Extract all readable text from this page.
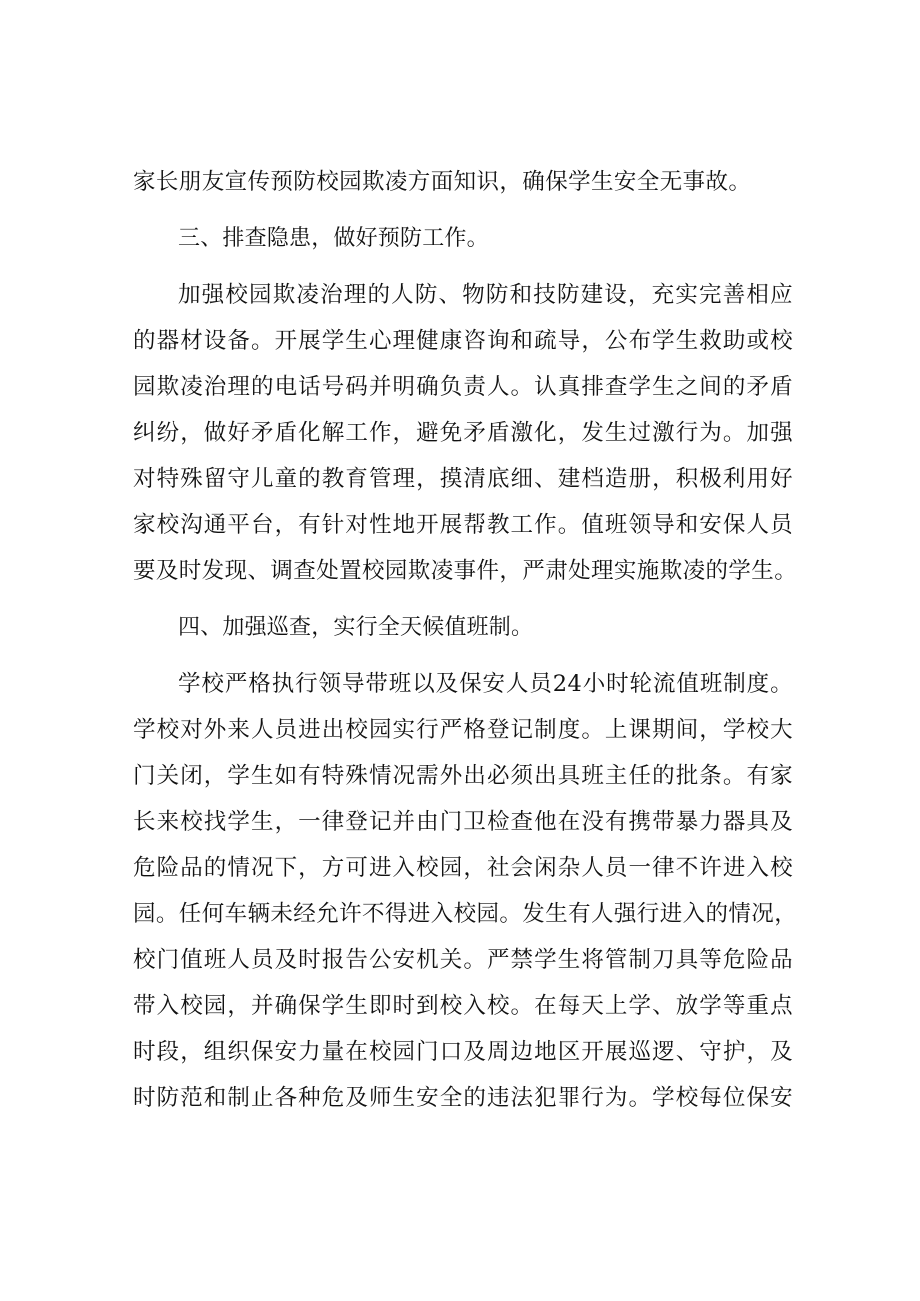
家长朋友宣传预防校园欺凌方面知识，确保学生安全无事故。
三、排查隐患，做好预防工作。
加强校园欺凌治理的人防、物防和技防建设，充实完善相应
的器材设备。开展学生心理健康咨询和疏导，公布学生救助或校
园欺凌治理的电话号码并明确负责人。认真排查学生之间的矛盾
纠纷，做好矛盾化解工作，避免矛盾激化，发生过激行为。加强
对特殊留守儿童的教育管理，摸清底细、建档造册，积极利用好
家校沟通平台，有针对性地开展帮教工作。值班领导和安保人员
要及时发现、调查处置校园欺凌事件，严肃处理实施欺凌的学生。
四、加强巡查，实行全天候值班制。
学校严格执行领导带班以及保安人员24小时轮流值班制度。
学校对外来人员进出校园实行严格登记制度。上课期间，学校大
门关闭，学生如有特殊情况需外出必须出具班主任的批条。有家
长来校找学生，一律登记并由门卫检查他在没有携带暴力器具及
危险品的情况下，方可进入校园，社会闲杂人员一律不许进入校
园。任何车辆未经允许不得进入校园。发生有人强行进入的情况，
校门值班人员及时报告公安机关。严禁学生将管制刀具等危险品
带入校园，并确保学生即时到校入校。在每天上学、放学等重点
时段，组织保安力量在校园门口及周边地区开展巡逻、守护，及
时防范和制止各种危及师生安全的违法犯罪行为。学校每位保安
